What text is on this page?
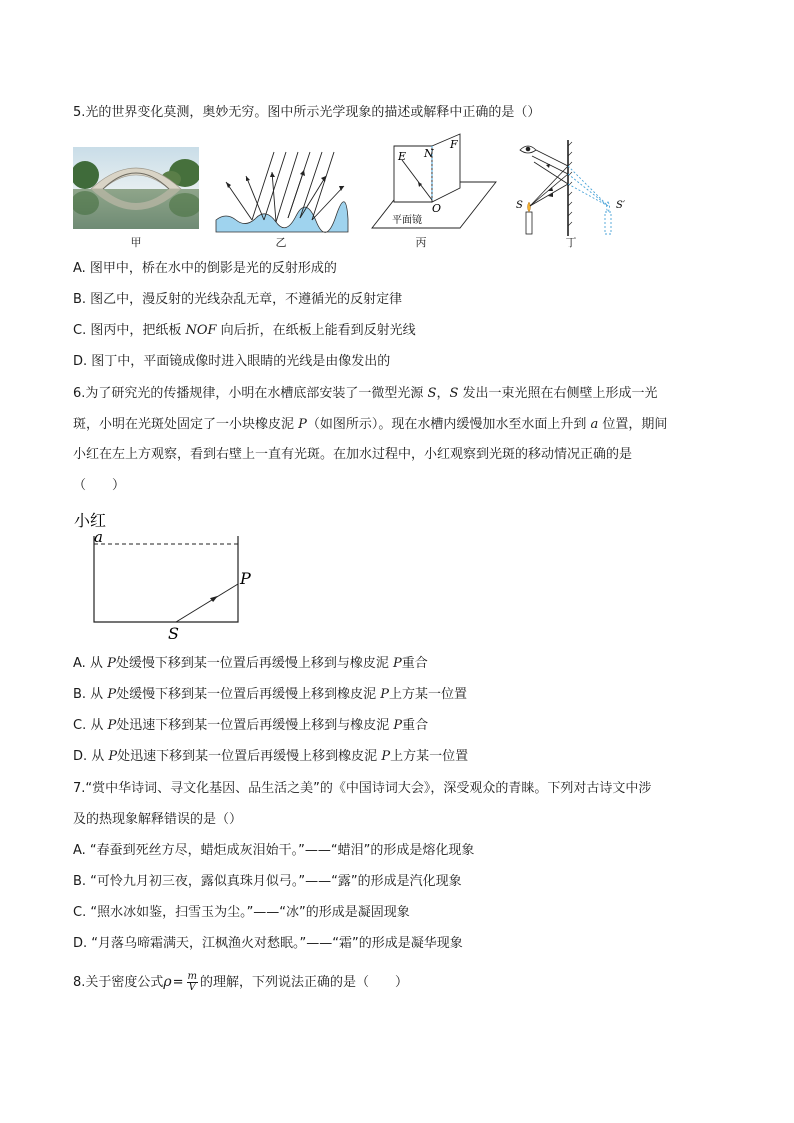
5.光的世界变化莫测，奥妙无穷。图中所示光学现象的描述或解释中正确的是（）
甲	乙
E N
F
O
平面镜
丙
S	S′
丁
A. 图甲中，桥在水中的倒影是光的反射形成的
B. 图乙中，漫反射的光线杂乱无章，不遵循光的反射定律
C. 图丙中，把纸板 NOF 向后折，在纸板上能看到反射光线
D. 图丁中，平面镜成像时进入眼睛的光线是由像发出的
6.为了研究光的传播规律，小明在水槽底部安装了一微型光源 S，S 发出一束光照在右侧壁上形成一光
斑，小明在光斑处固定了一小块橡皮泥 P（如图所示）。现在水槽内缓慢加水至水面上升到 a 位置，期间
小红在左上方观察，看到右壁上一直有光斑。在加水过程中，小红观察到光斑的移动情况正确的是
（　　）
小红
a
P
S
A. 从 P处缓慢下移到某一位置后再缓慢上移到与橡皮泥 P重合
B. 从 P处缓慢下移到某一位置后再缓慢上移到橡皮泥 P上方某一位置
C. 从 P处迅速下移到某一位置后再缓慢上移到与橡皮泥 P重合
D. 从 P处迅速下移到某一位置后再缓慢上移到橡皮泥 P上方某一位置
7.“赏中华诗词、寻文化基因、品生活之美”的《中国诗词大会》，深受观众的青睐。下列对古诗文中涉
及的热现象解释错误的是（）
A. “春蚕到死丝方尽，蜡炬成灰泪始干。”——“蜡泪”的形成是熔化现象
B. “可怜九月初三夜，露似真珠月似弓。”——“露”的形成是汽化现象
C. “照水冰如鉴，扫雪玉为尘。”——“冰”的形成是凝固现象
D. “月落乌啼霜满天，江枫渔火对愁眠。”——“霜”的形成是凝华现象
8.关于密度公式$\rho= \frac{m}{V}$ 的理解，下列说法正确的是（　　）
